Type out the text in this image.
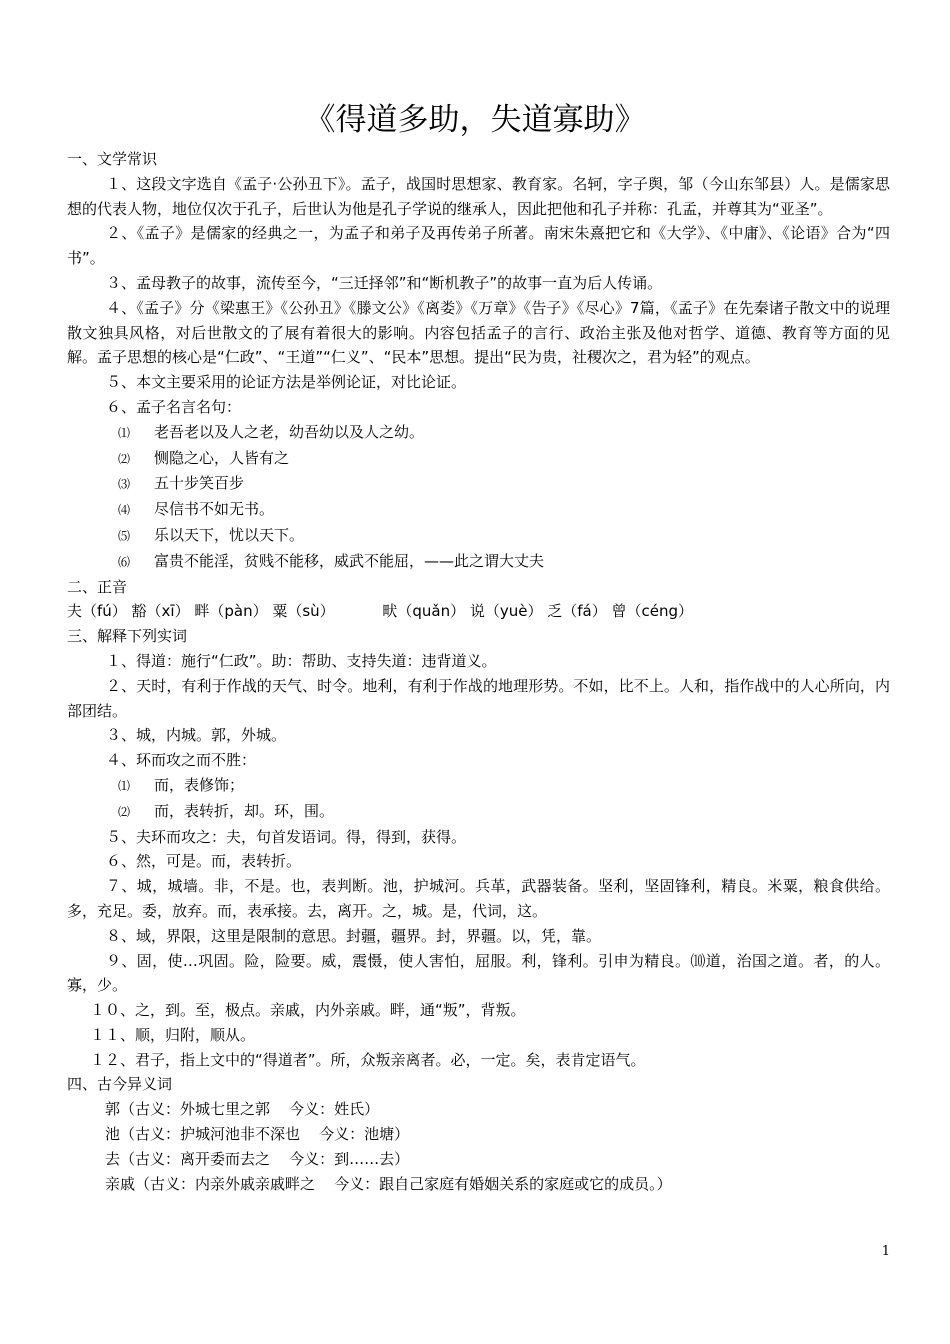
《得道多助，失道寡助》
一、文学常识
１、这段文字选自《孟子·公孙丑下》。孟子，战国时思想家、教育家。名轲，字子舆，邹（今山东邹县）人。是儒家思想的代表人物，地位仅次于孔子，后世认为他是孔子学说的继承人，因此把他和孔子并称：孔孟，并尊其为“亚圣”。
２、《孟子》是儒家的经典之一，为孟子和弟子及再传弟子所著。南宋朱熹把它和《大学》、《中庸》、《论语》合为“四书”。
３、孟母教子的故事，流传至今，“三迁择邻”和“断机教子”的故事一直为后人传诵。
４、《孟子》分《梁惠王》《公孙丑》《滕文公》《离娄》《万章》《告子》《尽心》7篇，《孟子》在先秦诸子散文中的说理散文独具风格，对后世散文的了展有着很大的影响。内容包括孟子的言行、政治主张及他对哲学、道德、教育等方面的见解。孟子思想的核心是“仁政”、“王道”“仁义”、“民本”思想。提出“民为贵，社稷次之，君为轻”的观点。
５、本文主要采用的论证方法是举例论证，对比论证。
６、孟子名言名句：
⑴ 老吾老以及人之老，幼吾幼以及人之幼。
⑵ 恻隐之心，人皆有之
⑶ 五十步笑百步
⑷ 尽信书不如无书。
⑸ 乐以天下，忧以天下。
⑹ 富贵不能淫，贫贱不能移，威武不能屈，——此之谓大丈夫
二、正音
夫（fú） 豁（xī） 畔（pàn） 粟（sù）          畎（quǎn） 说（yuè） 乏（fá） 曾（céng）
三、解释下列实词
１、得道：施行“仁政”。助：帮助、支持失道：违背道义。
２、天时，有利于作战的天气、时令。地利，有利于作战的地理形势。不如，比不上。人和，指作战中的人心所向，内部团结。
３、城，内城。郭，外城。
４、环而攻之而不胜：
⑴ 而，表修饰；
⑵ 而，表转折，却。环，围。
５、夫环而攻之：夫，句首发语词。得，得到，获得。
６、然，可是。而，表转折。
７、城，城墙。非，不是。也，表判断。池，护城河。兵革，武器装备。坚利，坚固锋利，精良。米粟，粮食供给。多，充足。委，放弃。而，表承接。去，离开。之，城。是，代词，这。
８、域，界限，这里是限制的意思。封疆，疆界。封，界疆。以，凭，靠。
９、固，使…巩固。险，险要。威，震慑，使人害怕，屈服。利，锋利。引申为精良。⑽道，治国之道。者，的人。寡，少。
１０、之，到。至，极点。亲戚，内外亲戚。畔，通“叛”，背叛。
１１、顺，归附，顺从。
１２、君子，指上文中的“得道者”。所，众叛亲离者。必，一定。矣，表肯定语气。
四、古今异义词
郭（古义：外城七里之郭    今义：姓氏）
池（古义：护城河池非不深也    今义：池塘）
去（古义：离开委而去之    今义：到……去）
亲戚（古义：内亲外戚亲戚畔之    今义：跟自己家庭有婚姻关系的家庭或它的成员。）
1
